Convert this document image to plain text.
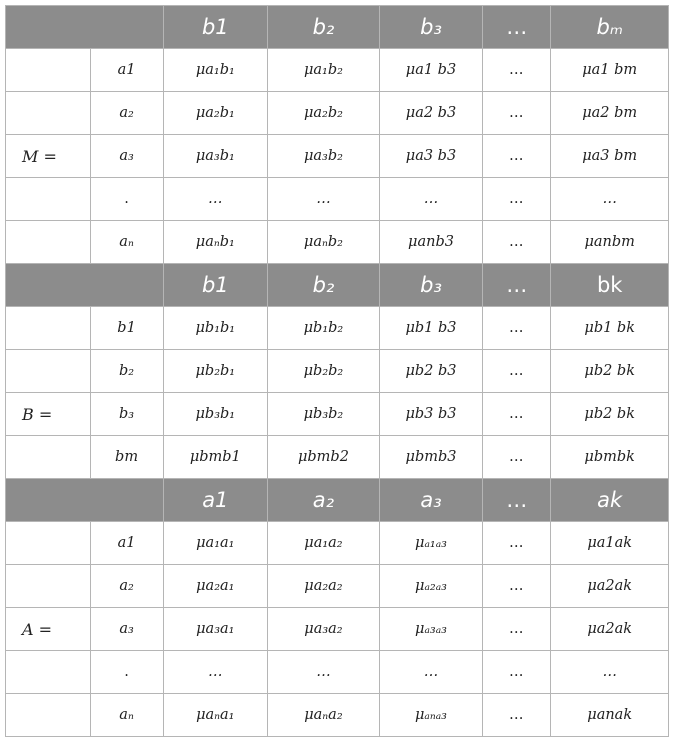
		b1	b₂	b₃	…	bₘ
	a1	μa₁b₁	μa₁b₂	μa1 b3	…	μa1 bm
	a₂	μa₂b₁	μa₂b₂	μa2 b3	…	μa2 bm
M =	a₃	μa₃b₁	μa₃b₂	μa3 b3	…	μa3 bm
	.	…	…	…	…	…
	aₙ	μaₙb₁	μaₙb₂	μanb3	…	μanbm
		b1	b₂	b₃	…	bk
	b1	μb₁b₁	μb₁b₂	μb1 b3	…	μb1 bk
	b₂	μb₂b₁	μb₂b₂	μb2 b3	…	μb2 bk
B =	b₃	μb₃b₁	μb₃b₂	μb3 b3	…	μb2 bk
	bm	μbmb1	μbmb2	μbmb3	…	μbmbk
		a1	a₂	a₃	…	ak
	a1	μa₁a₁	μa₁a₂	μₐ₁ₐ₃	…	μa1ak
	a₂	μa₂a₁	μa₂a₂	μₐ₂ₐ₃	…	μa2ak
A =	a₃	μa₃a₁	μa₃a₂	μₐ₃ₐ₃	…	μa2ak
	.	…	…	…	…	…
	aₙ	μaₙa₁	μaₙa₂	μₐₙₐ₃	…	μanak
